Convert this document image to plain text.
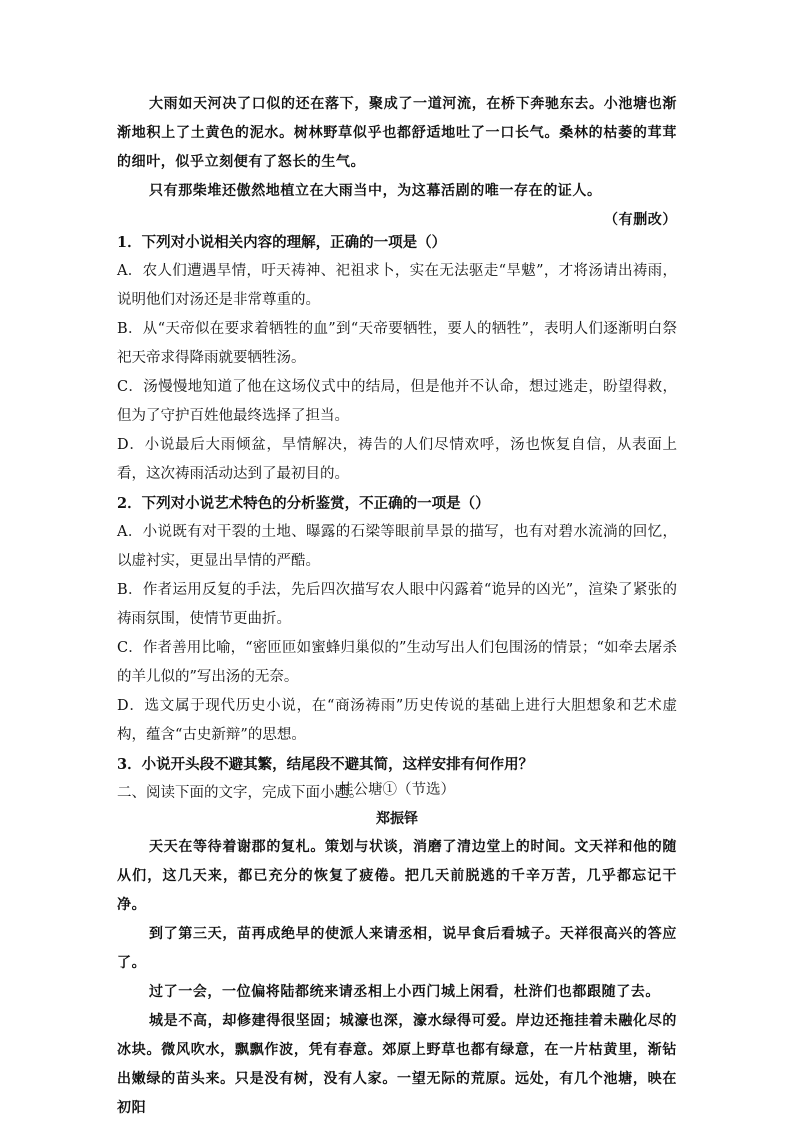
大雨如天河决了口似的还在落下，聚成了一道河流，在桥下奔驰东去。小池塘也渐渐地积上了土黄色的泥水。树林野草似乎也都舒适地吐了一口长气。桑林的枯萎的茸茸的细叶，似乎立刻便有了怒长的生气。

只有那柴堆还傲然地植立在大雨当中，为这幕活剧的唯一存在的证人。

（有删改）

1．下列对小说相关内容的理解，正确的一项是（）

A．农人们遭遇旱情，吁天祷神、祀祖求卜，实在无法驱走“旱魃”，才将汤请出祷雨，说明他们对汤还是非常尊重的。

B．从“天帝似在要求着牺牲的血”到“天帝要牺牲，要人的牺牲”，表明人们逐渐明白祭祀天帝求得降雨就要牺牲汤。

C．汤慢慢地知道了他在这场仪式中的结局，但是他并不认命，想过逃走，盼望得救，但为了守护百姓他最终选择了担当。

D．小说最后大雨倾盆，旱情解决，祷告的人们尽情欢呼，汤也恢复自信，从表面上看，这次祷雨活动达到了最初目的。

2．下列对小说艺术特色的分析鉴赏，不正确的一项是（）

A．小说既有对干裂的土地、曝露的石梁等眼前旱景的描写，也有对碧水流淌的回忆，以虚衬实，更显出旱情的严酷。

B．作者运用反复的手法，先后四次描写农人眼中闪露着“诡异的凶光”，渲染了紧张的祷雨氛围，使情节更曲折。

C．作者善用比喻，“密匝匝如蜜蜂归巢似的”生动写出人们包围汤的情景；“如牵去屠杀的羊儿似的”写出汤的无奈。

D．选文属于现代历史小说，在“商汤祷雨”历史传说的基础上进行大胆想象和艺术虚构，蕴含“古史新辩”的思想。

3．小说开头段不避其繁，结尾段不避其简，这样安排有何作用？

二、阅读下面的文字，完成下面小题。

桂公塘①（节选）

郑振铎

天天在等待着谢郡的复札。策划与状谈，消磨了清边堂上的时间。文天祥和他的随从们，这几天来，都已充分的恢复了疲倦。把几天前脱逃的千辛万苦，几乎都忘记干净。

到了第三天，苗再成绝早的使派人来请丞相，说早食后看城子。天祥很高兴的答应了。

过了一会，一位偏将陆都统来请丞相上小西门城上闲看，杜浒们也都跟随了去。

城是不高，却修建得很坚固；城濠也深，濠水绿得可爱。岸边还拖挂着未融化尽的冰块。微风吹水，飘飘作波，凭有春意。郊原上野草也都有绿意，在一片枯黄里，渐钻出嫩绿的苗头来。只是没有树，没有人家。一望无际的荒原。远处，有几个池塘，映在初阳
